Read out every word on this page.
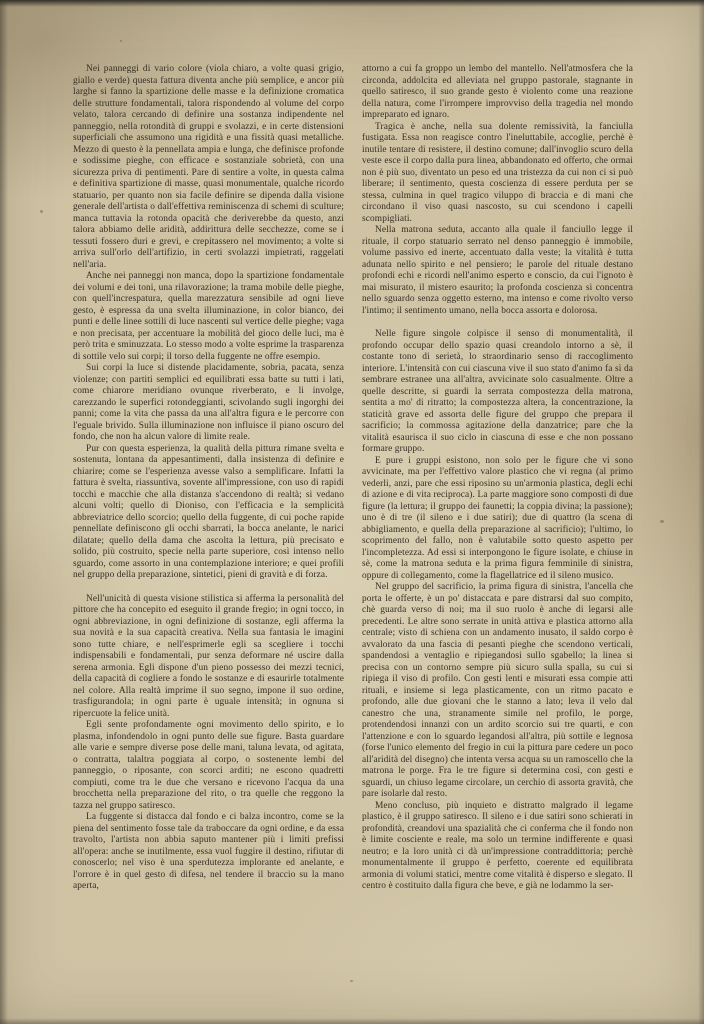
Nei panneggi di vario colore (viola chiaro, a volte quasi grigio, giallo e verde) questa fattura diventa anche più semplice, e ancor più larghe si fanno la spartizione delle masse e la definizione cromatica delle strutture fondamentali, talora rispondendo al volume del corpo velato, talora cercando di definire una sostanza indipendente nel panneggio, nella rotondità di gruppi e svolazzi, e in certe distensioni superficiali che assumono una rigidità e una fissità quasi metalliche. Mezzo di questo è la pennellata ampia e lunga, che definisce profonde e sodissime pieghe, con efficace e sostanziale sobrietà, con una sicurezza priva di pentimenti. Pare di sentire a volte, in questa calma e definitiva spartizione di masse, quasi monumentale, qualche ricordo statuario, per quanto non sia facile definire se dipenda dalla visione generale dell'artista o dall'effettiva reminiscenza di schemi di sculture; manca tuttavia la rotonda opacità che deriverebbe da questo, anzi talora abbiamo delle aridità, addirittura delle secchezze, come se i tessuti fossero duri e grevi, e crepitassero nel movimento; a volte si arriva sull'orlo dell'artifizio, in certi svolazzi impietrati, raggelati nell'aria.

Anche nei panneggi non manca, dopo la spartizione fondamentale dei volumi e dei toni, una rilavorazione; la trama mobile delle pieghe, con quell'increspatura, quella marezzatura sensibile ad ogni lieve gesto, è espressa da una svelta illuminazione, in color bianco, dei punti e delle linee sottili di luce nascenti sul vertice delle pieghe; vaga e non precisata, per accentuare la mobilità del gioco delle luci, ma è però trita e sminuzzata. Lo stesso modo a volte esprime la trasparenza di sottile velo sui corpi; il torso della fuggente ne offre esempio.

Sui corpi la luce si distende placidamente, sobria, pacata, senza violenze; con partiti semplici ed equilibrati essa batte su tutti i lati, come chiarore meridiano ovunque riverberato, e li involge, carezzando le superfici rotondeggianti, scivolando sugli ingorghi dei panni; come la vita che passa da una all'altra figura e le percorre con l'eguale brivido. Sulla illuminazione non influisce il piano oscuro del fondo, che non ha alcun valore di limite reale.

Pur con questa esperienza, la qualità della pittura rimane svelta e sostenuta, lontana da appesantimenti, dalla insistenza di definire e chiarire; come se l'esperienza avesse valso a semplificare. Infatti la fattura è svelta, riassuntiva, sovente all'impressione, con uso di rapidi tocchi e macchie che alla distanza s'accendono di realtà; si vedano alcuni volti; quello di Dioniso, con l'efficacia e la semplicità abbreviatrice dello scorcio; quello della fuggente, di cui poche rapide pennellate definiscono gli occhi sbarrati, la bocca anelante, le narici dilatate; quello della dama che ascolta la lettura, più precisato e solido, più costruito, specie nella parte superiore, così intenso nello sguardo, come assorto in una contemplazione interiore; e quei profili nel gruppo della preparazione, sintetici, pieni di gravità e di forza.

Nell'unicità di questa visione stilistica si afferma la personalità del pittore che ha concepito ed eseguito il grande fregio; in ogni tocco, in ogni abbreviazione, in ogni definizione di sostanze, egli afferma la sua novità e la sua capacità creativa. Nella sua fantasia le imagini sono tutte chiare, e nell'esprimerle egli sa scegliere i tocchi indispensabili e fondamentali, pur senza deformare né uscire dalla serena armonia. Egli dispone d'un pieno possesso dei mezzi tecnici, della capacità di cogliere a fondo le sostanze e di esaurirle totalmente nel colore. Alla realtà imprime il suo segno, impone il suo ordine, trasfigurandola; in ogni parte è uguale intensità; in ognuna si ripercuote la felice unità.

Egli sente profondamente ogni movimento dello spirito, e lo plasma, infondendolo in ogni punto delle sue figure. Basta guardare alle varie e sempre diverse pose delle mani, taluna levata, od agitata, o contratta, talaltra poggiata al corpo, o sostenente lembi del panneggio, o riposante, con scorci arditi; ne escono quadretti compiuti, come tra le due che versano e ricevono l'acqua da una brocchetta nella preparazione del rito, o tra quelle che reggono la tazza nel gruppo satiresco.

La fuggente si distacca dal fondo e ci balza incontro, come se la piena del sentimento fosse tale da traboccare da ogni ordine, e da essa travolto, l'artista non abbia saputo mantener più i limiti prefissi all'opera: anche se inutilmente, essa vuol fuggire il destino, rifiutar di conoscerlo; nel viso è una sperdutezza implorante ed anelante, e l'orrore è in quel gesto di difesa, nel tendere il braccio su la mano aperta,

attorno a cui fa groppo un lembo del mantello. Nell'atmosfera che la circonda, addolcita ed alleviata nel gruppo pastorale, stagnante in quello satiresco, il suo grande gesto è violento come una reazione della natura, come l'irrompere improvviso della tragedia nel mondo impreparato ed ignaro.

Tragica è anche, nella sua dolente remissività, la fanciulla fustigata. Essa non reagisce contro l'ineluttabile, accoglie, perchè è inutile tentare di resistere, il destino comune; dall'invoglio scuro della veste esce il corpo dalla pura linea, abbandonato ed offerto, che ormai non è più suo, diventato un peso ed una tristezza da cui non ci si può liberare; il sentimento, questa coscienza di essere perduta per se stessa, culmina in quel tragico viluppo di braccia e di mani che circondano il viso quasi nascosto, su cui scendono i capelli scompigliati.

Nella matrona seduta, accanto alla quale il fanciullo legge il rituale, il corpo statuario serrato nel denso panneggio è immobile, volume passivo ed inerte, accentuato dalla veste; la vitalità è tutta adunata nello spirito e nel pensiero; le parole del rituale destano profondi echi e ricordi nell'animo esperto e conscio, da cui l'ignoto è mai misurato, il mistero esaurito; la profonda coscienza si concentra nello sguardo senza oggetto esterno, ma intenso e come rivolto verso l'intimo; il sentimento umano, nella bocca assorta e dolorosa.

Nelle figure singole colpisce il senso di monumentalità, il profondo occupar dello spazio quasi creandolo intorno a sè, il costante tono di serietà, lo straordinario senso di raccoglimento interiore. L'intensità con cui ciascuna vive il suo stato d'animo fa sì da sembrare estranee una all'altra, avvicinate solo casualmente. Oltre a quelle descritte, si guardi la serrata compostezza della matrona, sentita a mo' di ritratto; la compostezza altera, la concentrazione, la staticità grave ed assorta delle figure del gruppo che prepara il sacrificio; la commossa agitazione della danzatrice; pare che la vitalità esaurisca il suo ciclo in ciascuna di esse e che non possano formare gruppo.

E pure i gruppi esistono, non solo per le figure che vi sono avvicinate, ma per l'effettivo valore plastico che vi regna (al primo vederli, anzi, pare che essi riposino su un'armonia plastica, degli echi di azione e di vita reciproca). La parte maggiore sono composti di due figure (la lettura; il gruppo dei faunetti; la coppia divina; la passione); uno è di tre (il sileno e i due satiri); due di quattro (la scena di abbigliamento, e quella della preparazione al sacrificio); l'ultimo, lo scoprimento del fallo, non è valutabile sotto questo aspetto per l'incompletezza. Ad essi si interpongono le figure isolate, e chiuse in sè, come la matrona seduta e la prima figura femminile di sinistra, oppure di collegamento, come la flagellatrice ed il sileno musico.

Nel gruppo del sacrificio, la prima figura di sinistra, l'ancella che porta le offerte, è un po' distaccata e pare distrarsi dal suo compito, chè guarda verso di noi; ma il suo ruolo è anche di legarsi alle precedenti. Le altre sono serrate in unità attiva e plastica attorno alla centrale; visto di schiena con un andamento inusato, il saldo corpo è avvalorato da una fascia di pesanti pieghe che scendono verticali, spandendosi a ventaglio e ripiegandosi sullo sgabello; la linea si precisa con un contorno sempre più sicuro sulla spalla, su cui si ripiega il viso di profilo. Con gesti lenti e misurati essa compie atti rituali, e insieme si lega plasticamente, con un ritmo pacato e profondo, alle due giovani che le stanno a lato; leva il velo dal canestro che una, stranamente simile nel profilo, le porge, protendendosi innanzi con un ardito scorcio sui tre quarti, e con l'attenzione e con lo sguardo legandosi all'altra, più sottile e legnosa (forse l'unico elemento del fregio in cui la pittura pare cedere un poco all'aridità del disegno) che intenta versa acqua su un ramoscello che la matrona le porge. Fra le tre figure si determina così, con gesti e sguardi, un chiuso legame circolare, un cerchio di assorta gravità, che pare isolarle dal resto.

Meno concluso, più inquieto e distratto malgrado il legame plastico, è il gruppo satiresco. Il sileno e i due satiri sono schierati in profondità, creandovi una spazialità che ci conferma che il fondo non è limite cosciente e reale, ma solo un termine indifferente e quasi neutro; e la loro unità ci dà un'impressione contraddittoria; perchè monumentalmente il gruppo è perfetto, coerente ed equilibrata armonia di volumi statici, mentre come vitalità è disperso e slegato. Il centro è costituito dalla figura che beve, e già ne lodammo la ser-
